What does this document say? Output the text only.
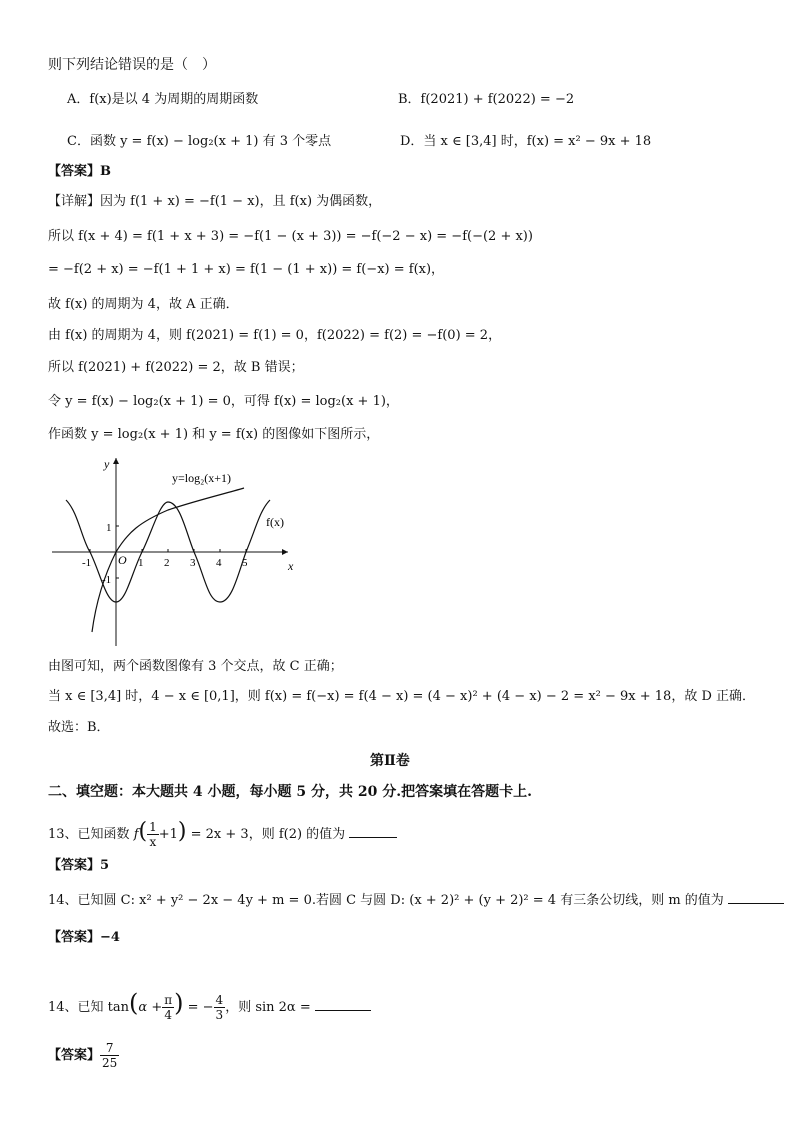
则下列结论错误的是（　）
A．f(x)是以 4 为周期的周期函数	B．f(2021) + f(2022) = −2
C．函数 y = f(x) − log₂(x + 1) 有 3 个零点	D．当 x ∈ [3,4] 时，f(x) = x² − 9x + 18
【答案】B
【详解】因为 f(1 + x) = −f(1 − x)，且 f(x) 为偶函数，
所以 f(x + 4) = f(1 + x + 3) = −f(1 − (x + 3)) = −f(−2 − x) = −f(−(2 + x))
= −f(2 + x) = −f(1 + 1 + x) = f(1 − (1 + x)) = f(−x) = f(x)，
故 f(x) 的周期为 4，故 A 正确．
由 f(x) 的周期为 4，则 f(2021) = f(1) = 0，f(2022) = f(2) = −f(0) = 2，
所以 f(2021) + f(2022) = 2，故 B 错误；
令 y = f(x) − log₂(x + 1) = 0，可得 f(x) = log₂(x + 1)，
作函数 y = log₂(x + 1) 和 y = f(x) 的图像如下图所示，
y
x
O
y=log₂(x+1)
f(x)
-1	1 2 3 4 5
1
-1
由图可知，两个函数图像有 3 个交点，故 C 正确；
当 x ∈ [3,4] 时，4 − x ∈ [0,1]，则 f(x) = f(−x) = f(4 − x) = (4 − x)² + (4 − x) − 2 = x² − 9x + 18，故 D 正确．
故选：B．
第Ⅱ卷
二、填空题：本大题共 4 小题，每小题 5 分，共 20 分.把答案填在答题卡上.
13、已知函数 $f( \frac{1}{x} +1) = 2x + 3$，则 f(2) 的值为
【答案】5
14、已知圆 C: x² + y² − 2x − 4y + m = 0.若圆 C 与圆 D: (x + 2)² + (y + 2)² = 4 有三条公切线，则 m 的值为
【答案】−4
14、已知 $\tan(\alpha + \frac{\pi}{4}$ ) = − $\frac{4}{3}$ ，则 sin 2α =
【答案】 $\frac{7}{25}$
